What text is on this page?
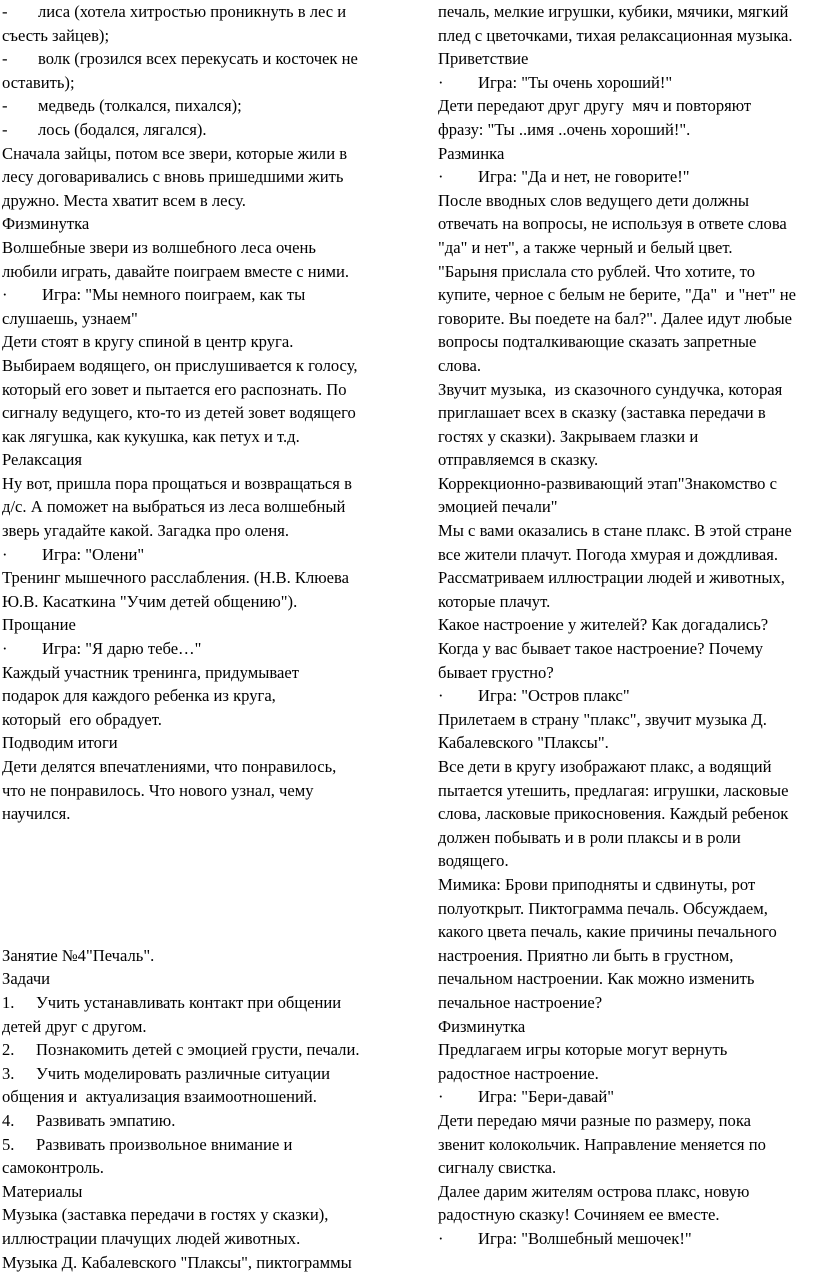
- лиса (хотела хитростью проникнуть в лес и
съесть зайцев);
- волк (грозился всех перекусать и косточек не
оставить);
- медведь (толкался, пихался);
- лось (бодался, лягался).
Сначала зайцы, потом все звери, которые жили в
лесу договаривались с вновь пришедшими жить
дружно. Места хватит всем в лесу.
Физминутка
Волшебные звери из волшебного леса очень
любили играть, давайте поиграем вместе с ними.
· Игра: "Мы немного поиграем, как ты
слушаешь, узнаем"
Дети стоят в кругу спиной в центр круга.
Выбираем водящего, он прислушивается к голосу,
который его зовет и пытается его распознать. По
сигналу ведущего, кто-то из детей зовет водящего
как лягушка, как кукушка, как петух и т.д.
Релаксация
Ну вот, пришла пора прощаться и возвращаться в
д/с. А поможет на выбраться из леса волшебный
зверь угадайте какой. Загадка про оленя.
· Игра: "Олени"
Тренинг мышечного расслабления. (Н.В. Клюева
Ю.В. Касаткина "Учим детей общению").
Прощание
· Игра: "Я дарю тебе…"
Каждый участник тренинга, придумывает
подарок для каждого ребенка из круга,
который  его обрадует.
Подводим итоги
Дети делятся впечатлениями, что понравилось,
что не понравилось. Что нового узнал, чему
научился.
Занятие №4"Печаль".
Задачи
1. Учить устанавливать контакт при общении
детей друг с другом.
2. Познакомить детей с эмоцией грусти, печали.
3. Учить моделировать различные ситуации
общения и  актуализация взаимоотношений.
4. Развивать эмпатию.
5. Развивать произвольное внимание и
самоконтроль.
Материалы
Музыка (заставка передачи в гостях у сказки),
иллюстрации плачущих людей животных.
Музыка Д. Кабалевского "Плаксы", пиктограммы
печаль, мелкие игрушки, кубики, мячики, мягкий
плед с цветочками, тихая релаксационная музыка.
Приветствие
· Игра: "Ты очень хороший!"
Дети передают друг другу  мяч и повторяют
фразу: "Ты ..имя ..очень хороший!".
Разминка
· Игра: "Да и нет, не говорите!"
После вводных слов ведущего дети должны
отвечать на вопросы, не используя в ответе слова
"да" и нет", а также черный и белый цвет.
"Барыня прислала сто рублей. Что хотите, то
купите, черное с белым не берите, "Да"  и "нет" не
говорите. Вы поедете на бал?". Далее идут любые
вопросы подталкивающие сказать запретные
слова.
Звучит музыка,  из сказочного сундучка, которая
приглашает всех в сказку (заставка передачи в
гостях у сказки). Закрываем глазки и
отправляемся в сказку.
Коррекционно-развивающий этап"Знакомство с
эмоцией печали"
Мы с вами оказались в стане плакс. В этой стране
все жители плачут. Погода хмурая и дождливая.
Рассматриваем иллюстрации людей и животных,
которые плачут.
Какое настроение у жителей? Как догадались?
Когда у вас бывает такое настроение? Почему
бывает грустно?
· Игра: "Остров плакс"
Прилетаем в страну "плакс", звучит музыка Д.
Кабалевского "Плаксы".
Все дети в кругу изображают плакс, а водящий
пытается утешить, предлагая: игрушки, ласковые
слова, ласковые прикосновения. Каждый ребенок
должен побывать и в роли плаксы и в роли
водящего.
Мимика: Брови приподняты и сдвинуты, рот
полуоткрыт. Пиктограмма печаль. Обсуждаем,
какого цвета печаль, какие причины печального
настроения. Приятно ли быть в грустном,
печальном настроении. Как можно изменить
печальное настроение?
Физминутка
Предлагаем игры которые могут вернуть
радостное настроение.
· Игра: "Бери-давай"
Дети передаю мячи разные по размеру, пока
звенит колокольчик. Направление меняется по
сигналу свистка.
Далее дарим жителям острова плакс, новую
радостную сказку! Сочиняем ее вместе.
· Игра: "Волшебный мешочек!"
